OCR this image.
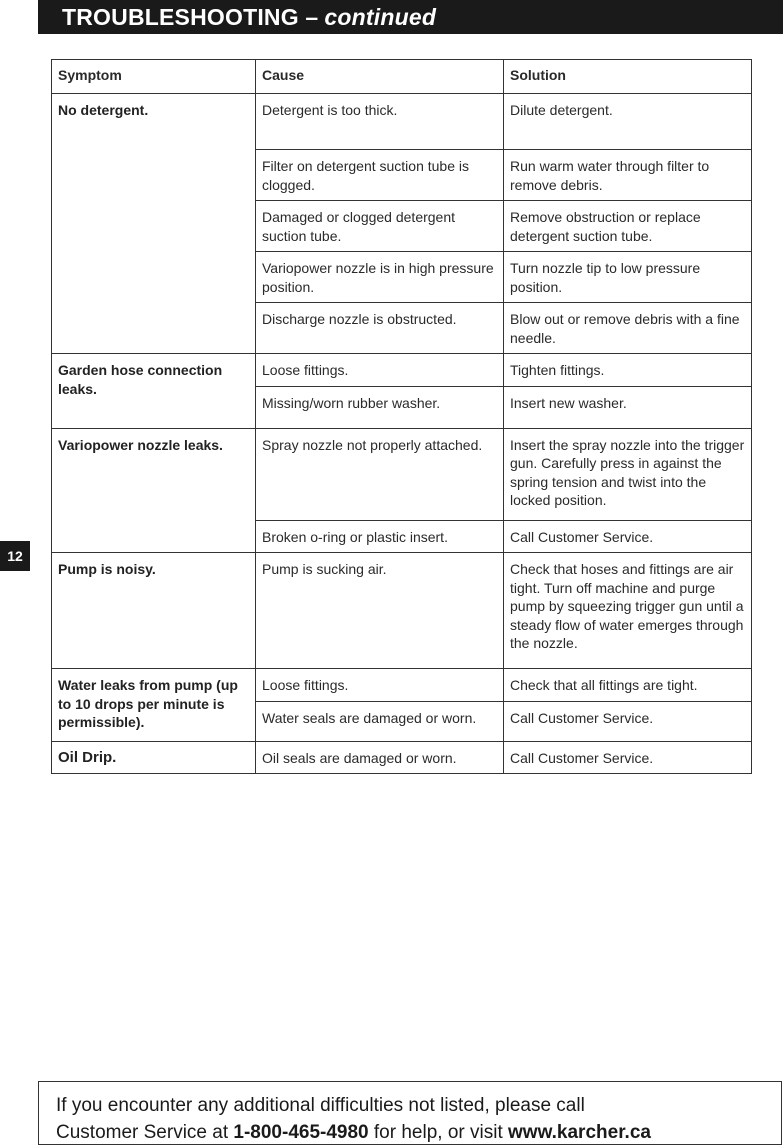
TROUBLESHOOTING – continued
12
Symptom	Cause	Solution
No detergent.	Detergent is too thick.	Dilute detergent.
	Filter on detergent suction tube is clogged.	Run warm water through filter to remove debris.
	Damaged or clogged detergent suction tube.	Remove obstruction or replace detergent suction tube.
	Variopower nozzle is in high pressure position.	Turn nozzle tip to low pressure position.
	Discharge nozzle is obstructed.	Blow out or remove debris with a fine needle.
Garden hose connection leaks.	Loose fittings.	Tighten fittings.
	Missing/worn rubber washer.	Insert new washer.
Variopower nozzle leaks.	Spray nozzle not properly attached.	Insert the spray nozzle into the trigger gun. Carefully press in against the spring tension and twist into the locked position.
	Broken o-ring or plastic insert.	Call Customer Service.
Pump is noisy.	Pump is sucking air.	Check that hoses and fittings are air tight. Turn off machine and purge pump by squeezing trigger gun until a steady flow of water emerges through the nozzle.
Water leaks from pump (up to 10 drops per minute is permissible).	Loose fittings.	Check that all fittings are tight.
	Water seals are damaged or worn.	Call Customer Service.
Oil Drip.	Oil seals are damaged or worn.	Call Customer Service.
If you encounter any additional difficulties not listed, please call
Customer Service at 1-800-465-4980 for help, or visit www.karcher.ca
